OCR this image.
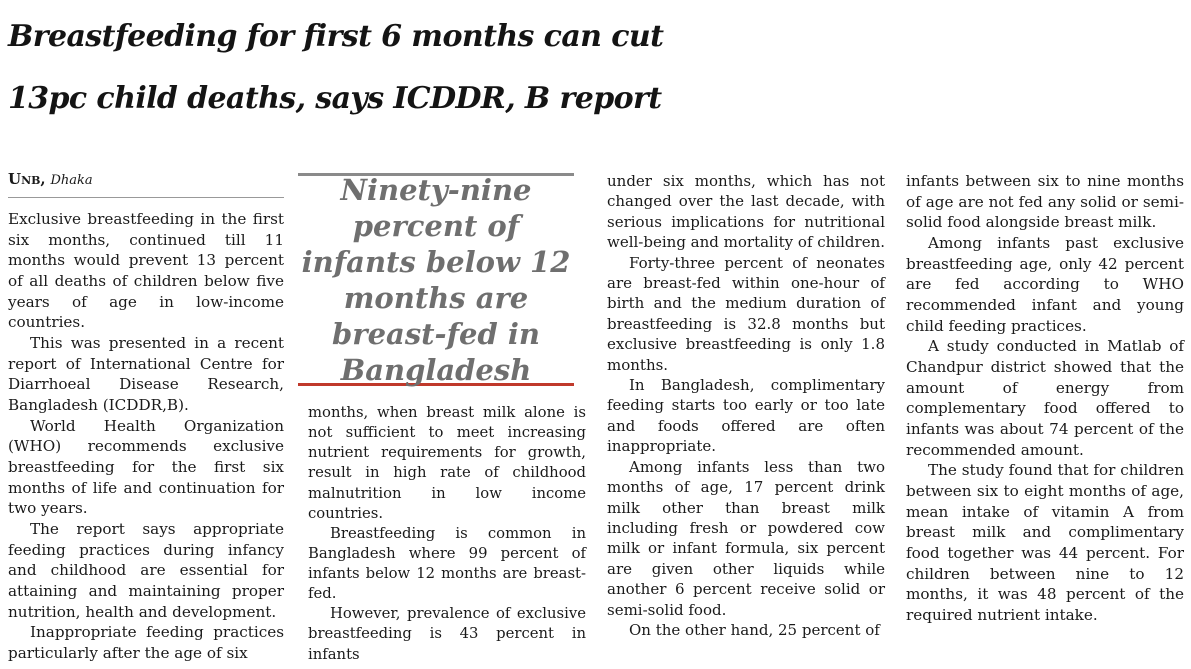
Breastfeeding for first 6 months can cut
13pc child deaths, says ICDDR, B report
Unb, Dhaka

Exclusive breastfeeding in the first six months, continued till 11 months would prevent 13 percent of all deaths of children below five years of age in low-income countries.

This was presented in a recent report of International Centre for Diarrhoeal Disease Research, Bangladesh (ICDDR,B).

World Health Organization (WHO) recommends exclusive breastfeeding for the first six months of life and continuation for two years.

The report says appropriate feeding practices during infancy and childhood are essential for attaining and maintaining proper nutrition, health and development.

Inappropriate feeding practices particularly after the age of six

Ninety-nine percent of infants below 12 months are breast-fed in Bangladesh

months, when breast milk alone is not sufficient to meet increasing nutrient requirements for growth, result in high rate of childhood malnutrition in low income countries.

Breastfeeding is common in Bangladesh where 99 percent of infants below 12 months are breast-fed.

However, prevalence of exclusive breastfeeding is 43 percent in infants

under six months, which has not changed over the last decade, with serious implications for nutritional well-being and mortality of children.

Forty-three percent of neonates are breast-fed within one-hour of birth and the medium duration of breastfeeding is 32.8 months but exclusive breastfeeding is only 1.8 months.

In Bangladesh, complimentary feeding starts too early or too late and foods offered are often inappropriate.

Among infants less than two months of age, 17 percent drink milk other than breast milk including fresh or powdered cow milk or infant formula, six percent are given other liquids while another 6 percent receive solid or semi-solid food.

On the other hand, 25 percent of

infants between six to nine months of age are not fed any solid or semi-solid food alongside breast milk.

Among infants past exclusive breastfeeding age, only 42 percent are fed according to WHO recommended infant and young child feeding practices.

A study conducted in Matlab of Chandpur district showed that the amount of energy from complementary food offered to infants was about 74 percent of the recommended amount.

The study found that for children between six to eight months of age, mean intake of vitamin A from breast milk and complimentary food together was 44 percent. For children between nine to 12 months, it was 48 percent of the required nutrient intake.
